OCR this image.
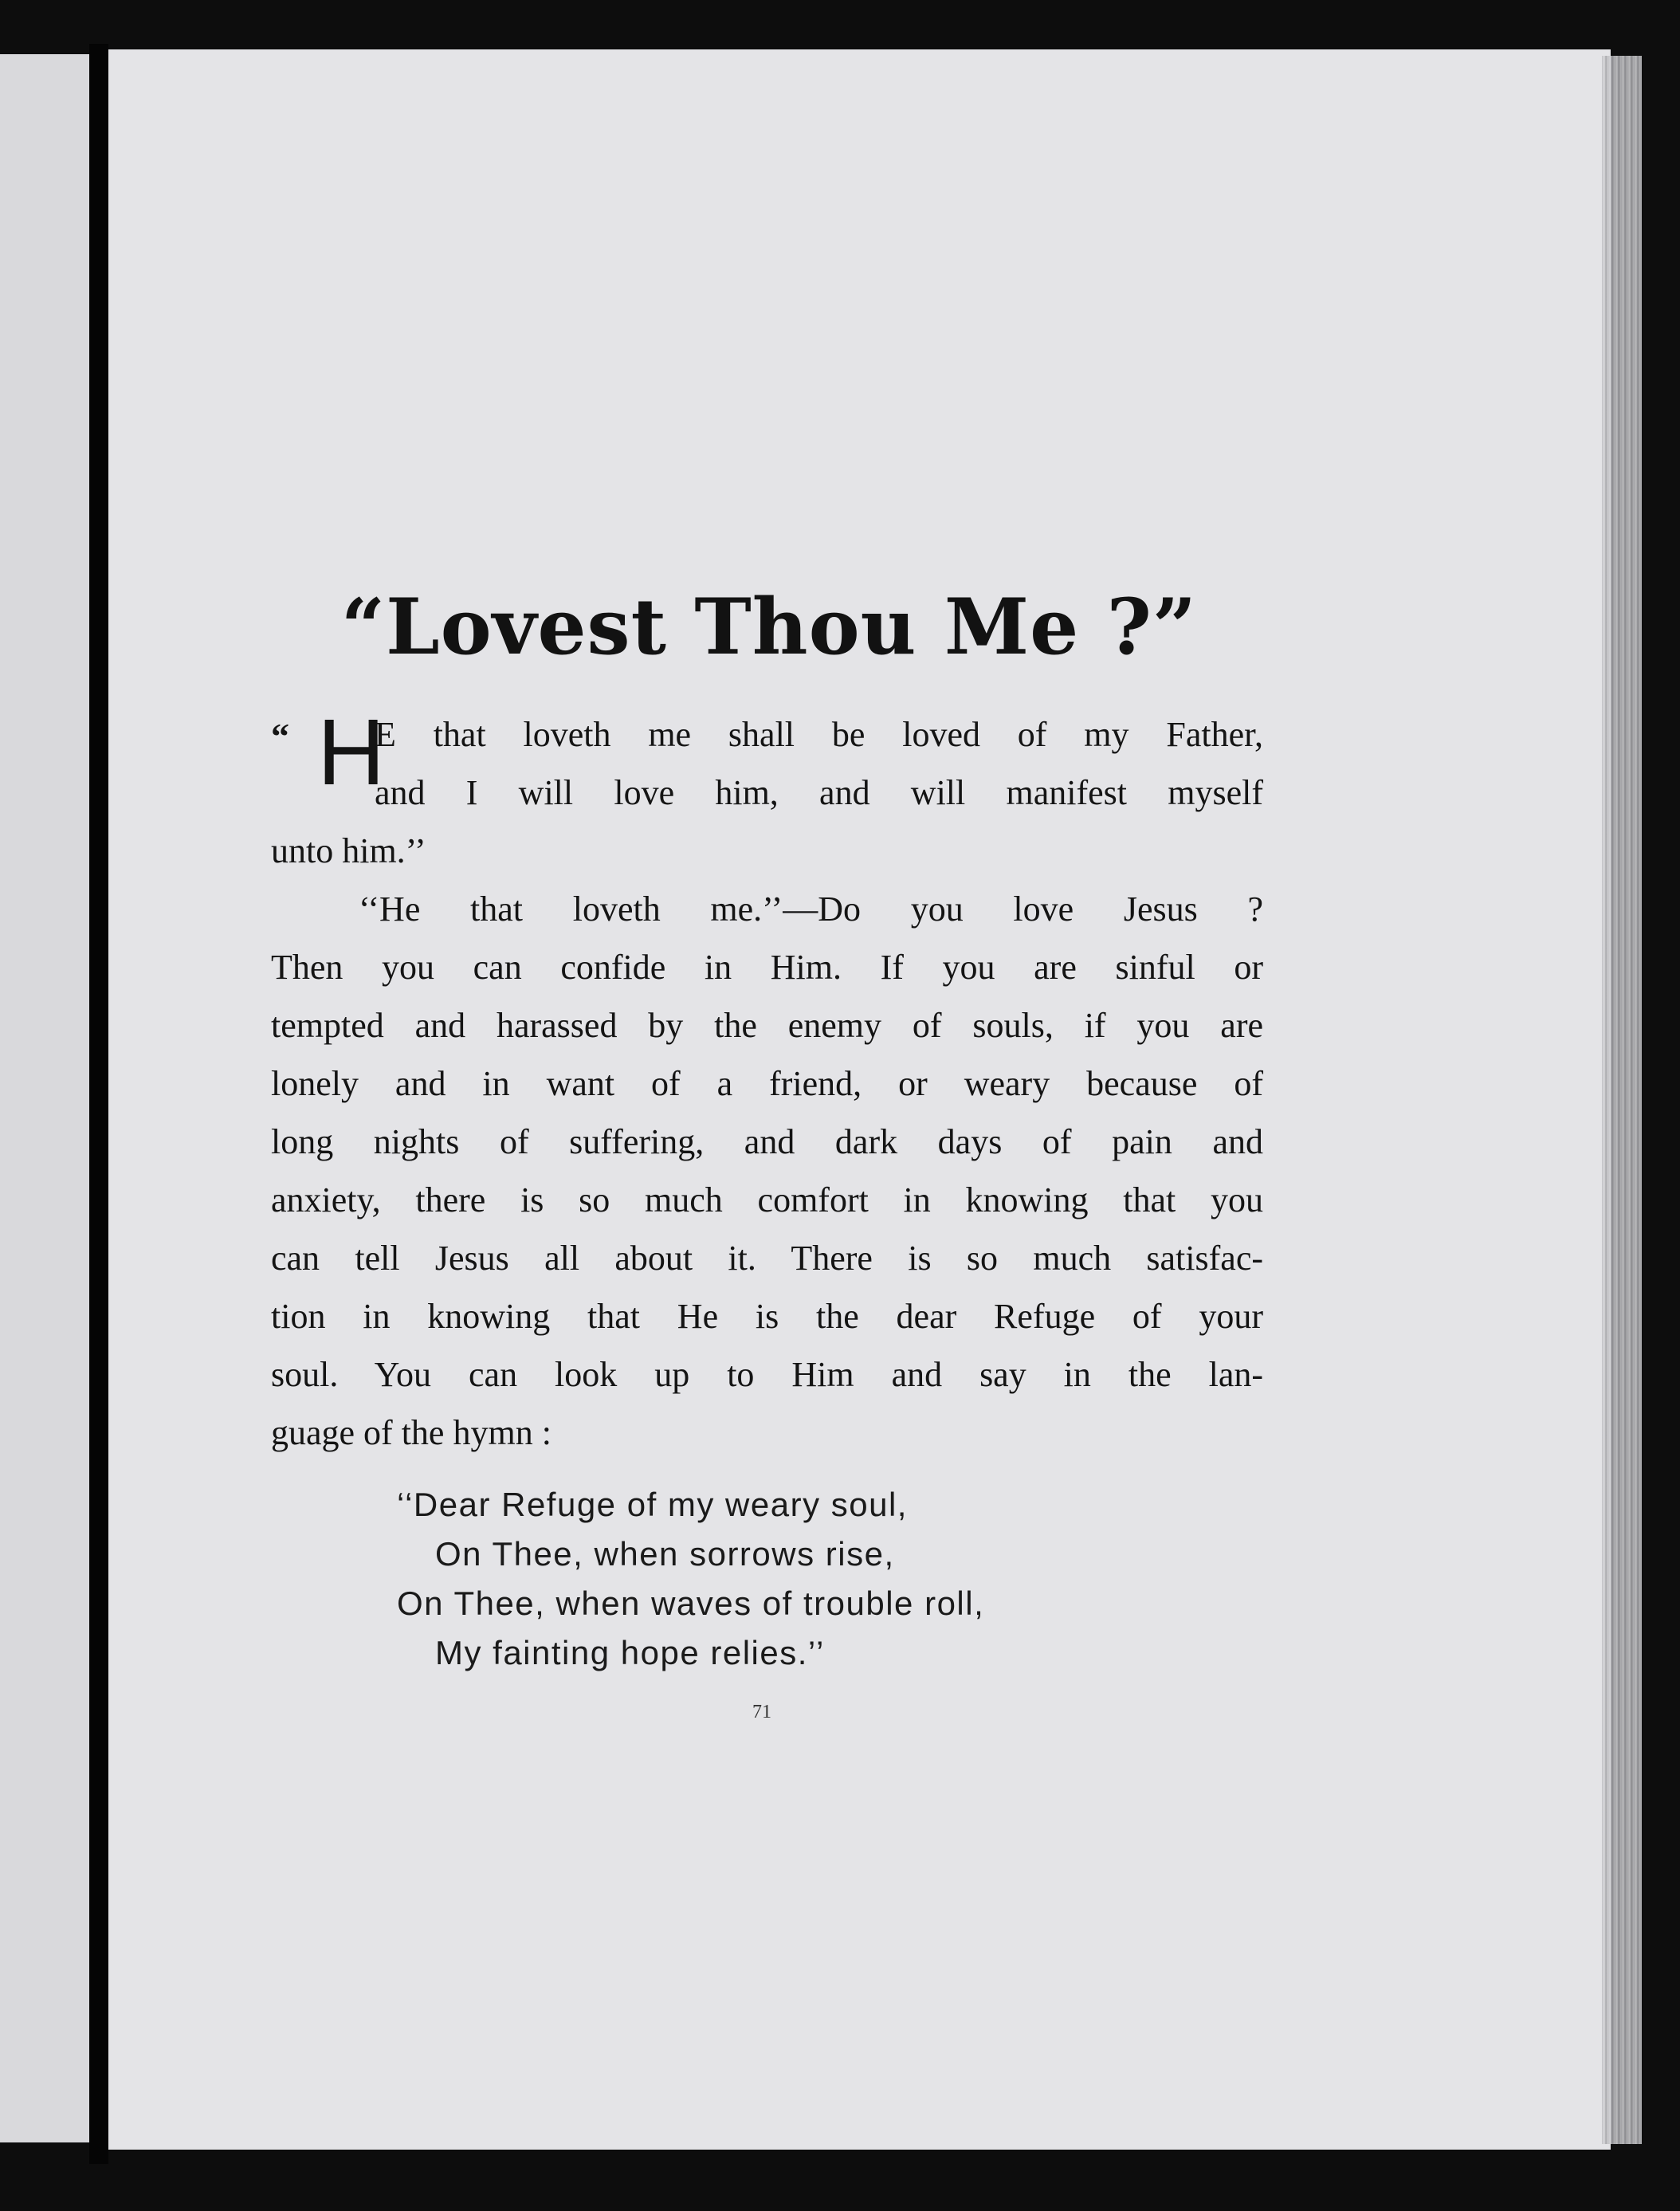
“Lovest Thou Me ?”
“ H
E that loveth me shall be loved of my Father,
and I will love him, and will manifest myself
unto him.’’
‘‘He that loveth me.’’—Do you love Jesus ?
Then you can confide in Him. If you are sinful or
tempted and harassed by the enemy of souls, if you are
lonely and in want of a friend, or weary because of
long nights of suffering, and dark days of pain and
anxiety, there is so much comfort in knowing that you
can tell Jesus all about it. There is so much satisfac-
tion in knowing that He is the dear Refuge of your
soul. You can look up to Him and say in the lan-
guage of the hymn :
‘‘Dear Refuge of my weary soul,
On Thee, when sorrows rise,
On Thee, when waves of trouble roll,
My fainting hope relies.’’
71
